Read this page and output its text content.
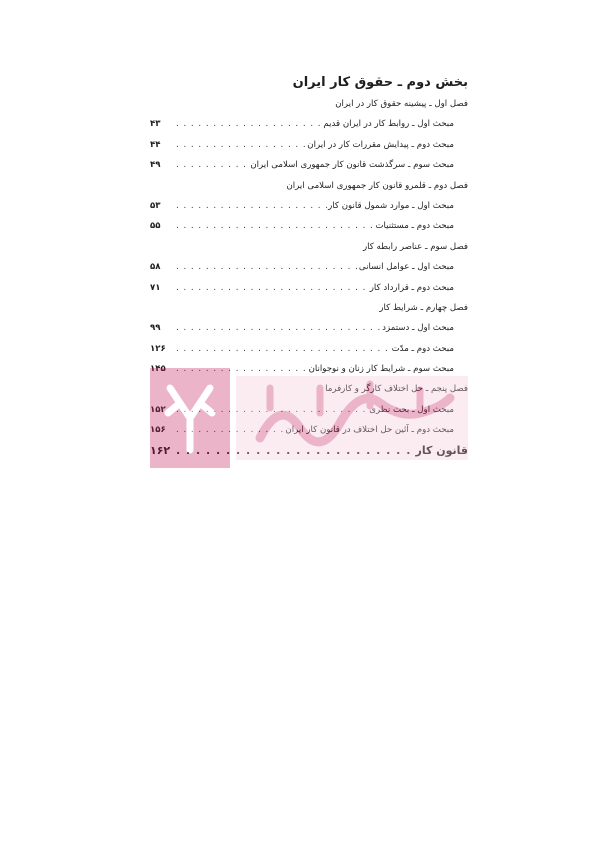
بخش دوم ـ حقوق کار ایران
فصل اول ـ پیشینه حقوق کار در ایران
مبحث اول ـ روابط کار در ایران قدیم
. . .
۴۳
مبحث دوم ـ پیدایش مقررات کار در ایران
. . .
۴۴
مبحث سوم ـ سرگذشت قانون کار جمهوری اسلامی ایران
. . .
۴۹
فصل دوم ـ قلمرو قانون کار جمهوری اسلامی ایران
مبحث اول ـ موارد شمول قانون کار
. . .
۵۳
مبحث دوم ـ مستثنیات
. . .
۵۵
فصل سوم ـ عناصر رابطه کار
مبحث اول ـ عوامل انسانی
. . .
۵۸
مبحث دوم ـ قرارداد کار
. . .
۷۱
فصل چهارم ـ شرایط کار
مبحث اول ـ دستمزد
. . .
۹۹
مبحث دوم ـ مدّت
. . .
۱۲۶
مبحث سوم ـ شرایط کار زنان و نوجوانان
. . .
۱۴۵
فصل پنجم ـ حل اختلاف کارگر و کارفرما
مبحث اول ـ بحث نظری
. . .
۱۵۲
مبحث دوم ـ آئین حل اختلاف در قانون کار ایران
. . .
۱۵۶
قانون کار
. . .
۱۶۲
